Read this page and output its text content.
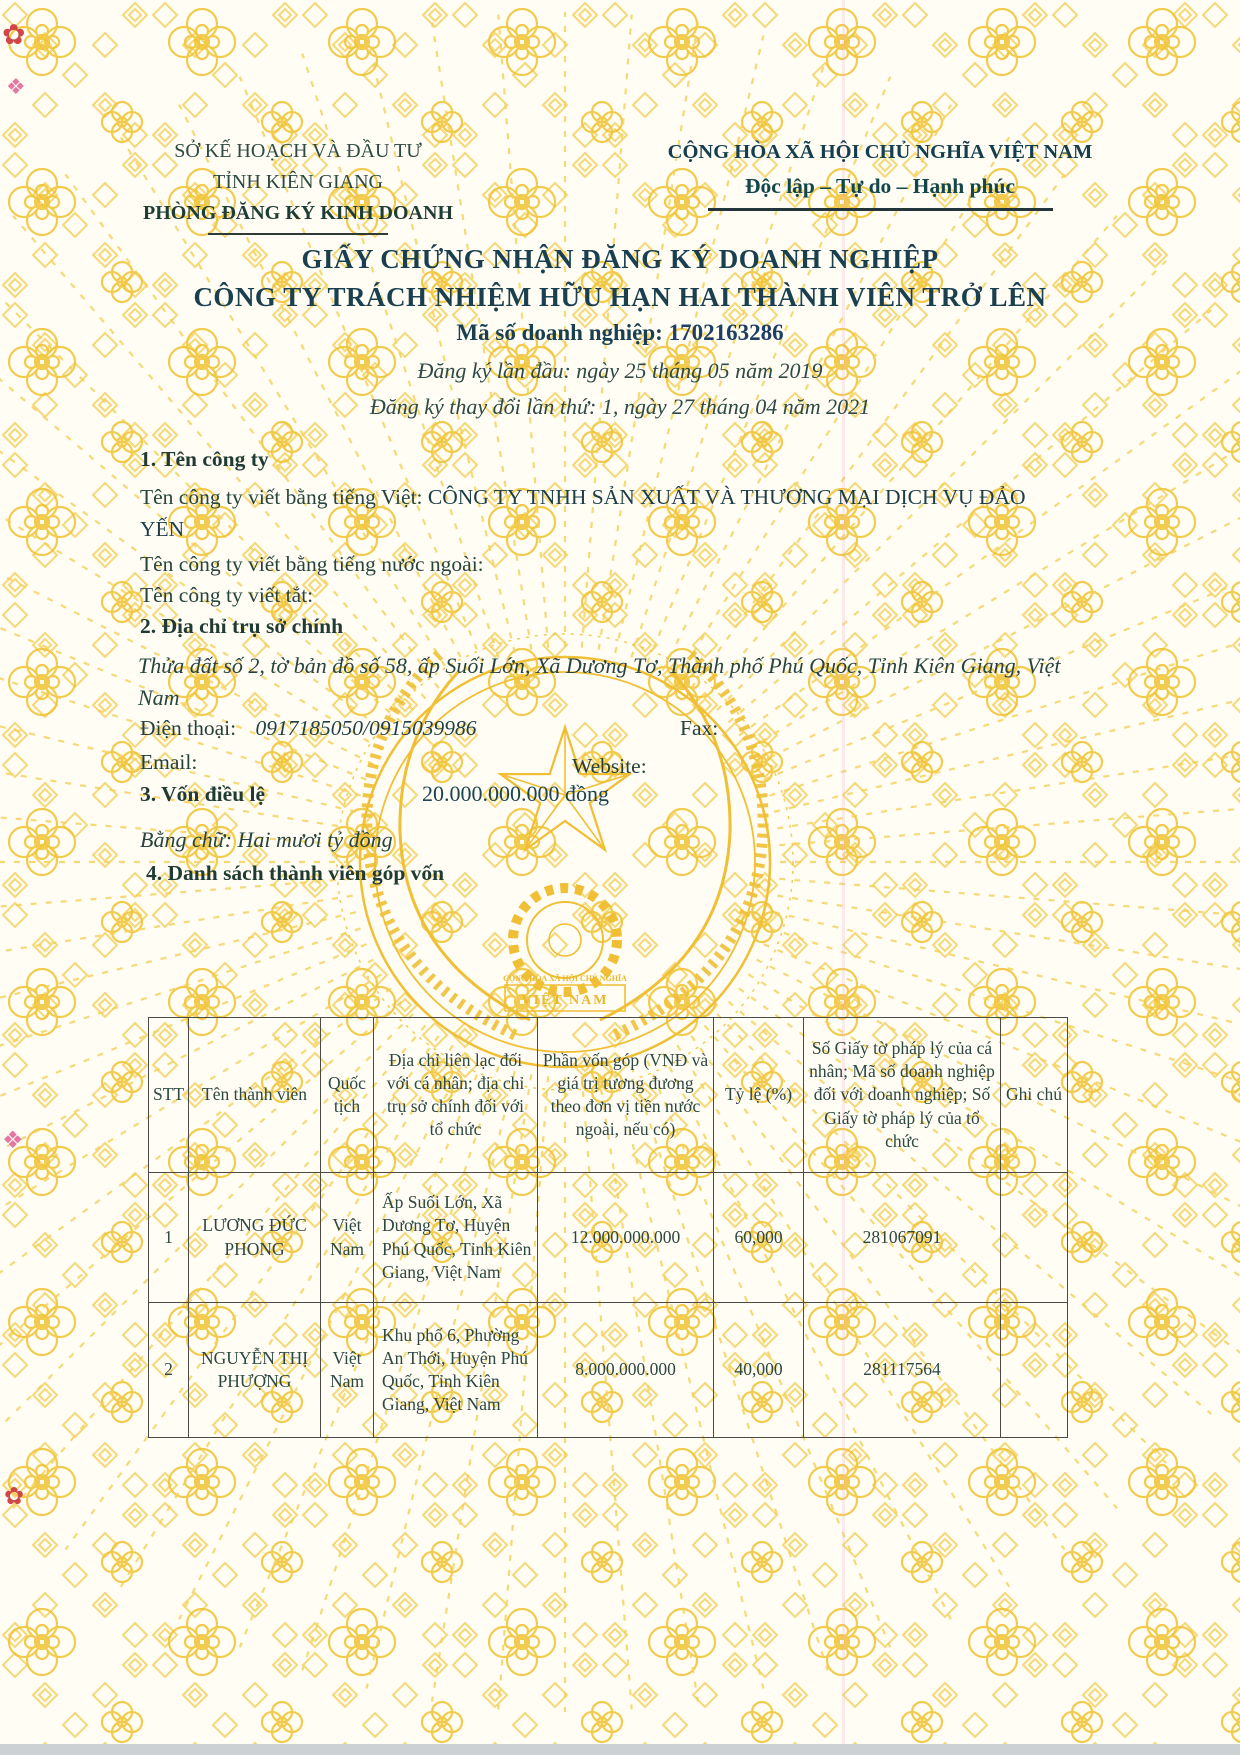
CỘNG HÒA XÃ HỘI CHỦ NGHĨA
VIỆT NAM
✿
❖
❖
✿
SỞ KẾ HOẠCH VÀ ĐẦU TƯ
TỈNH KIÊN GIANG
PHÒNG ĐĂNG KÝ KINH DOANH
CỘNG HÒA XÃ HỘI CHỦ NGHĨA VIỆT NAM
Độc lập – Tự do – Hạnh phúc
GIẤY CHỨNG NHẬN ĐĂNG KÝ DOANH NGHIỆP
CÔNG TY TRÁCH NHIỆM HỮU HẠN HAI THÀNH VIÊN TRỞ LÊN
Mã số doanh nghiệp: 1702163286
Đăng ký lần đầu: ngày 25 tháng 05 năm 2019
Đăng ký thay đổi lần thứ: 1, ngày 27 tháng 04 năm 2021
1. Tên công ty
Tên công ty viết bằng tiếng Việt: CÔNG TY TNHH SẢN XUẤT VÀ THƯƠNG MẠI DỊCH VỤ ĐẢO YẾN
Tên công ty viết bằng tiếng nước ngoài:
Tên công ty viết tắt:
2. Địa chỉ trụ sở chính
Thửa đất số 2, tờ bản đồ số 58, ấp Suối Lớn, Xã Dương Tơ, Thành phố Phú Quốc, Tỉnh Kiên Giang, Việt Nam
Điện thoại: 0917185050/0915039986	Fax:
Email:	Website:
3. Vốn điều lệ	20.000.000.000 đồng
Bằng chữ: Hai mươi tỷ đồng
4. Danh sách thành viên góp vốn
STT	Tên thành viên	Quốc tịch	Địa chỉ liên lạc đối với cá nhân; địa chỉ trụ sở chính đối với tổ chức	Phần vốn góp (VNĐ và giá trị tương đương theo đơn vị tiền nước ngoài, nếu có)	Tỷ lệ (%)	Số Giấy tờ pháp lý của cá nhân; Mã số doanh nghiệp đối với doanh nghiệp; Số Giấy tờ pháp lý của tổ chức	Ghi chú
1	LƯƠNG ĐỨC PHONG	Việt Nam	Ấp Suối Lớn, Xã Dương Tơ, Huyện Phú Quốc, Tỉnh Kiên Giang, Việt Nam	12.000.000.000	60,000	281067091	
2	NGUYỄN THỊ PHƯỢNG	Việt Nam	Khu phố 6, Phường An Thới, Huyện Phú Quốc, Tỉnh Kiên Giang, Việt Nam	8.000.000.000	40,000	281117564	
